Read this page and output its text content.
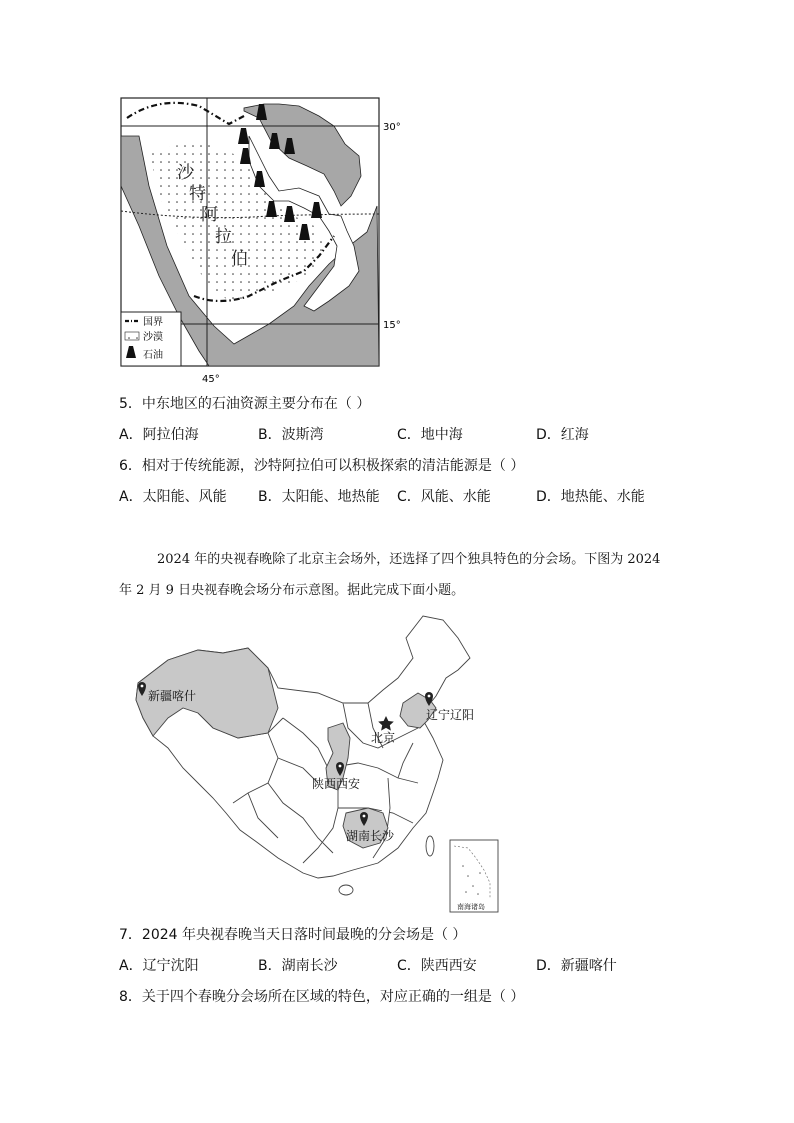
沙
特
阿
拉
伯
国界
沙漠
石油
30°
15°
45°
5．中东地区的石油资源主要分布在（ ）
A．阿拉伯海	B．波斯湾	C．地中海	D．红海
6．相对于传统能源，沙特阿拉伯可以积极探索的清洁能源是（ ）
A．太阳能、风能 B．太阳能、地热能 C．风能、水能	D．地热能、水能
2024 年的央视春晚除了北京主会场外，还选择了四个独具特色的分会场。下图为 2024
年 2 月 9 日央视春晚会场分布示意图。据此完成下面小题。
新疆喀什
辽宁辽阳
北京
陕西西安
湖南长沙
南海诸岛
7．2024 年央视春晚当天日落时间最晚的分会场是（ ）
A．辽宁沈阳	B．湖南长沙	C．陕西西安	D．新疆喀什
8．关于四个春晚分会场所在区域的特色，对应正确的一组是（ ）
